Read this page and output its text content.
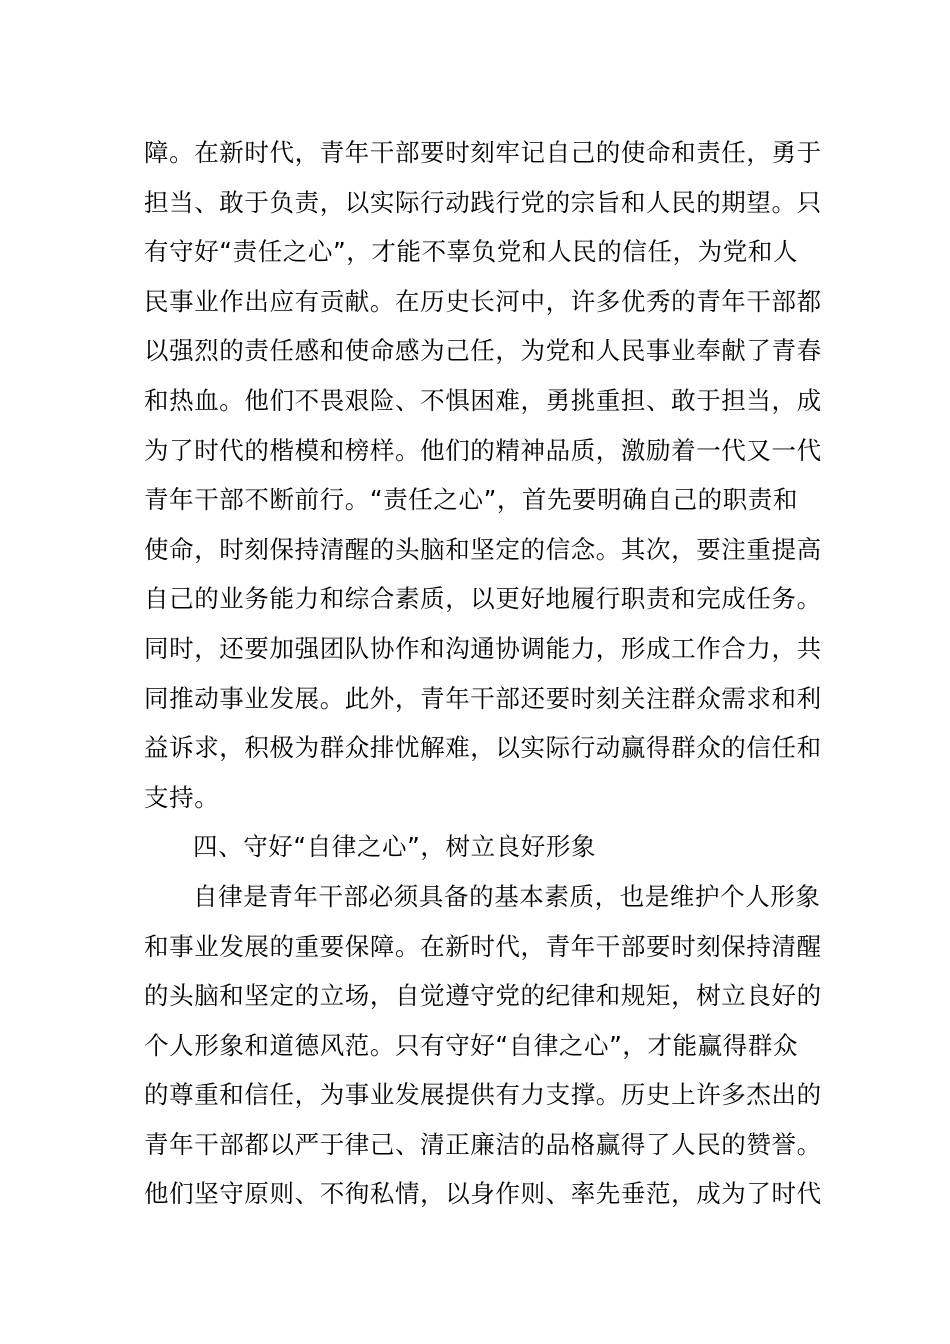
障。在新时代，青年干部要时刻牢记自己的使命和责任，勇于
担当、敢于负责，以实际行动践行党的宗旨和人民的期望。只
有守好“责任之心”，才能不辜负党和人民的信任，为党和人
民事业作出应有贡献。在历史长河中，许多优秀的青年干部都
以强烈的责任感和使命感为己任，为党和人民事业奉献了青春
和热血。他们不畏艰险、不惧困难，勇挑重担、敢于担当，成
为了时代的楷模和榜样。他们的精神品质，激励着一代又一代
青年干部不断前行。“责任之心”，首先要明确自己的职责和
使命，时刻保持清醒的头脑和坚定的信念。其次，要注重提高
自己的业务能力和综合素质，以更好地履行职责和完成任务。
同时，还要加强团队协作和沟通协调能力，形成工作合力，共
同推动事业发展。此外，青年干部还要时刻关注群众需求和利
益诉求，积极为群众排忧解难，以实际行动赢得群众的信任和
支持。
四、守好“自律之心”，树立良好形象
自律是青年干部必须具备的基本素质，也是维护个人形象
和事业发展的重要保障。在新时代，青年干部要时刻保持清醒
的头脑和坚定的立场，自觉遵守党的纪律和规矩，树立良好的
个人形象和道德风范。只有守好“自律之心”，才能赢得群众
的尊重和信任，为事业发展提供有力支撑。历史上许多杰出的
青年干部都以严于律己、清正廉洁的品格赢得了人民的赞誉。
他们坚守原则、不徇私情，以身作则、率先垂范，成为了时代
